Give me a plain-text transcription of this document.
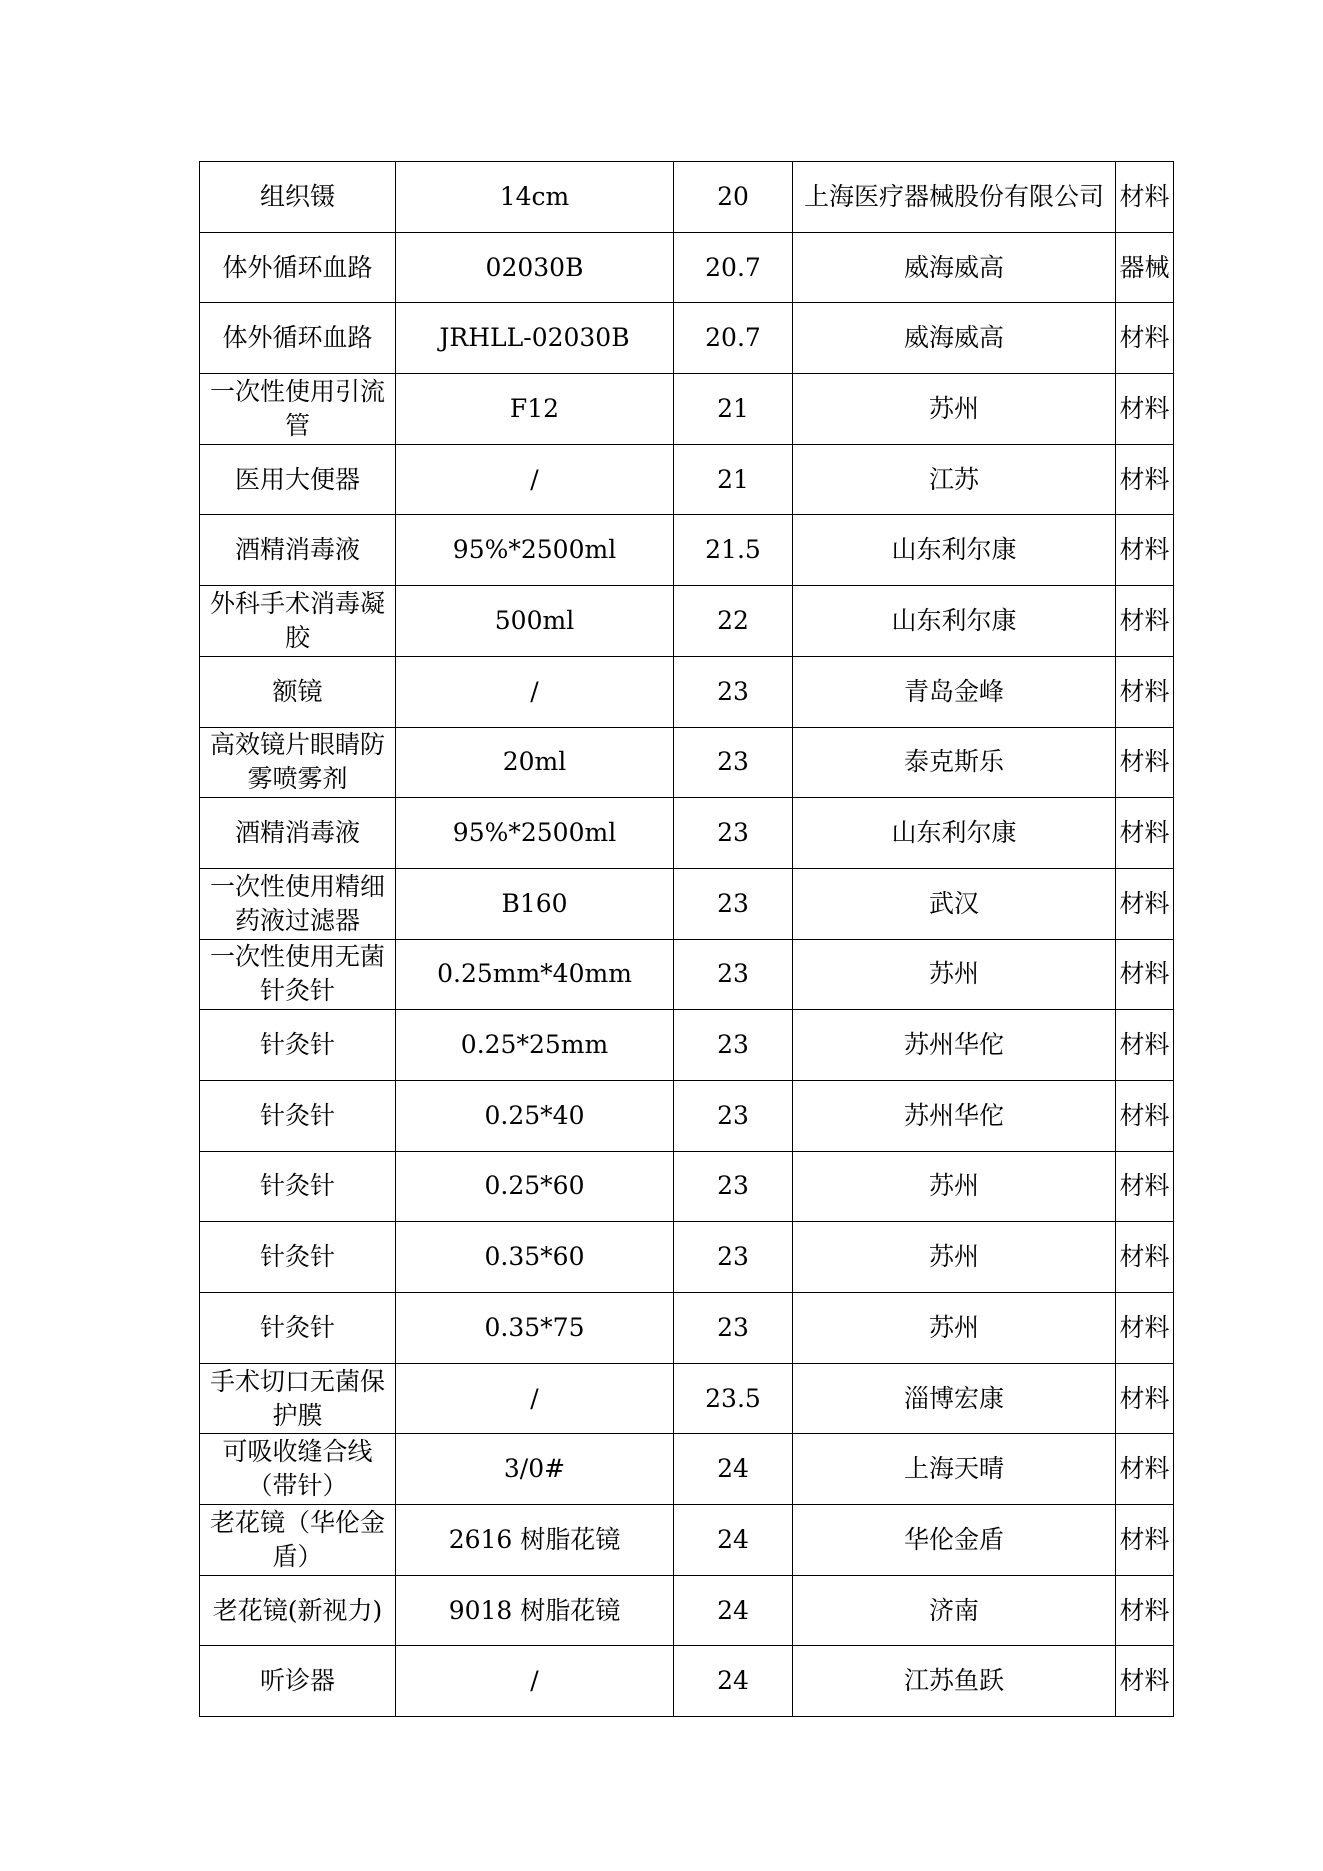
组织镊	14cm	20	上海医疗器械股份有限公司	材料
体外循环血路	02030B	20.7	威海威高	器械
体外循环血路	JRHLL-02030B	20.7	威海威高	材料
一次性使用引流管	F12	21	苏州	材料
医用大便器	/	21	江苏	材料
酒精消毒液	95%*2500ml	21.5	山东利尔康	材料
外科手术消毒凝胶	500ml	22	山东利尔康	材料
额镜	/	23	青岛金峰	材料
高效镜片眼睛防雾喷雾剂	20ml	23	泰克斯乐	材料
酒精消毒液	95%*2500ml	23	山东利尔康	材料
一次性使用精细药液过滤器	B160	23	武汉	材料
一次性使用无菌针灸针	0.25mm*40mm	23	苏州	材料
针灸针	0.25*25mm	23	苏州华佗	材料
针灸针	0.25*40	23	苏州华佗	材料
针灸针	0.25*60	23	苏州	材料
针灸针	0.35*60	23	苏州	材料
针灸针	0.35*75	23	苏州	材料
手术切口无菌保护膜	/	23.5	淄博宏康	材料
可吸收缝合线（带针）	3/0#	24	上海天晴	材料
老花镜（华伦金盾）	2616 树脂花镜	24	华伦金盾	材料
老花镜(新视力)	9018 树脂花镜	24	济南	材料
听诊器	/	24	江苏鱼跃	材料
